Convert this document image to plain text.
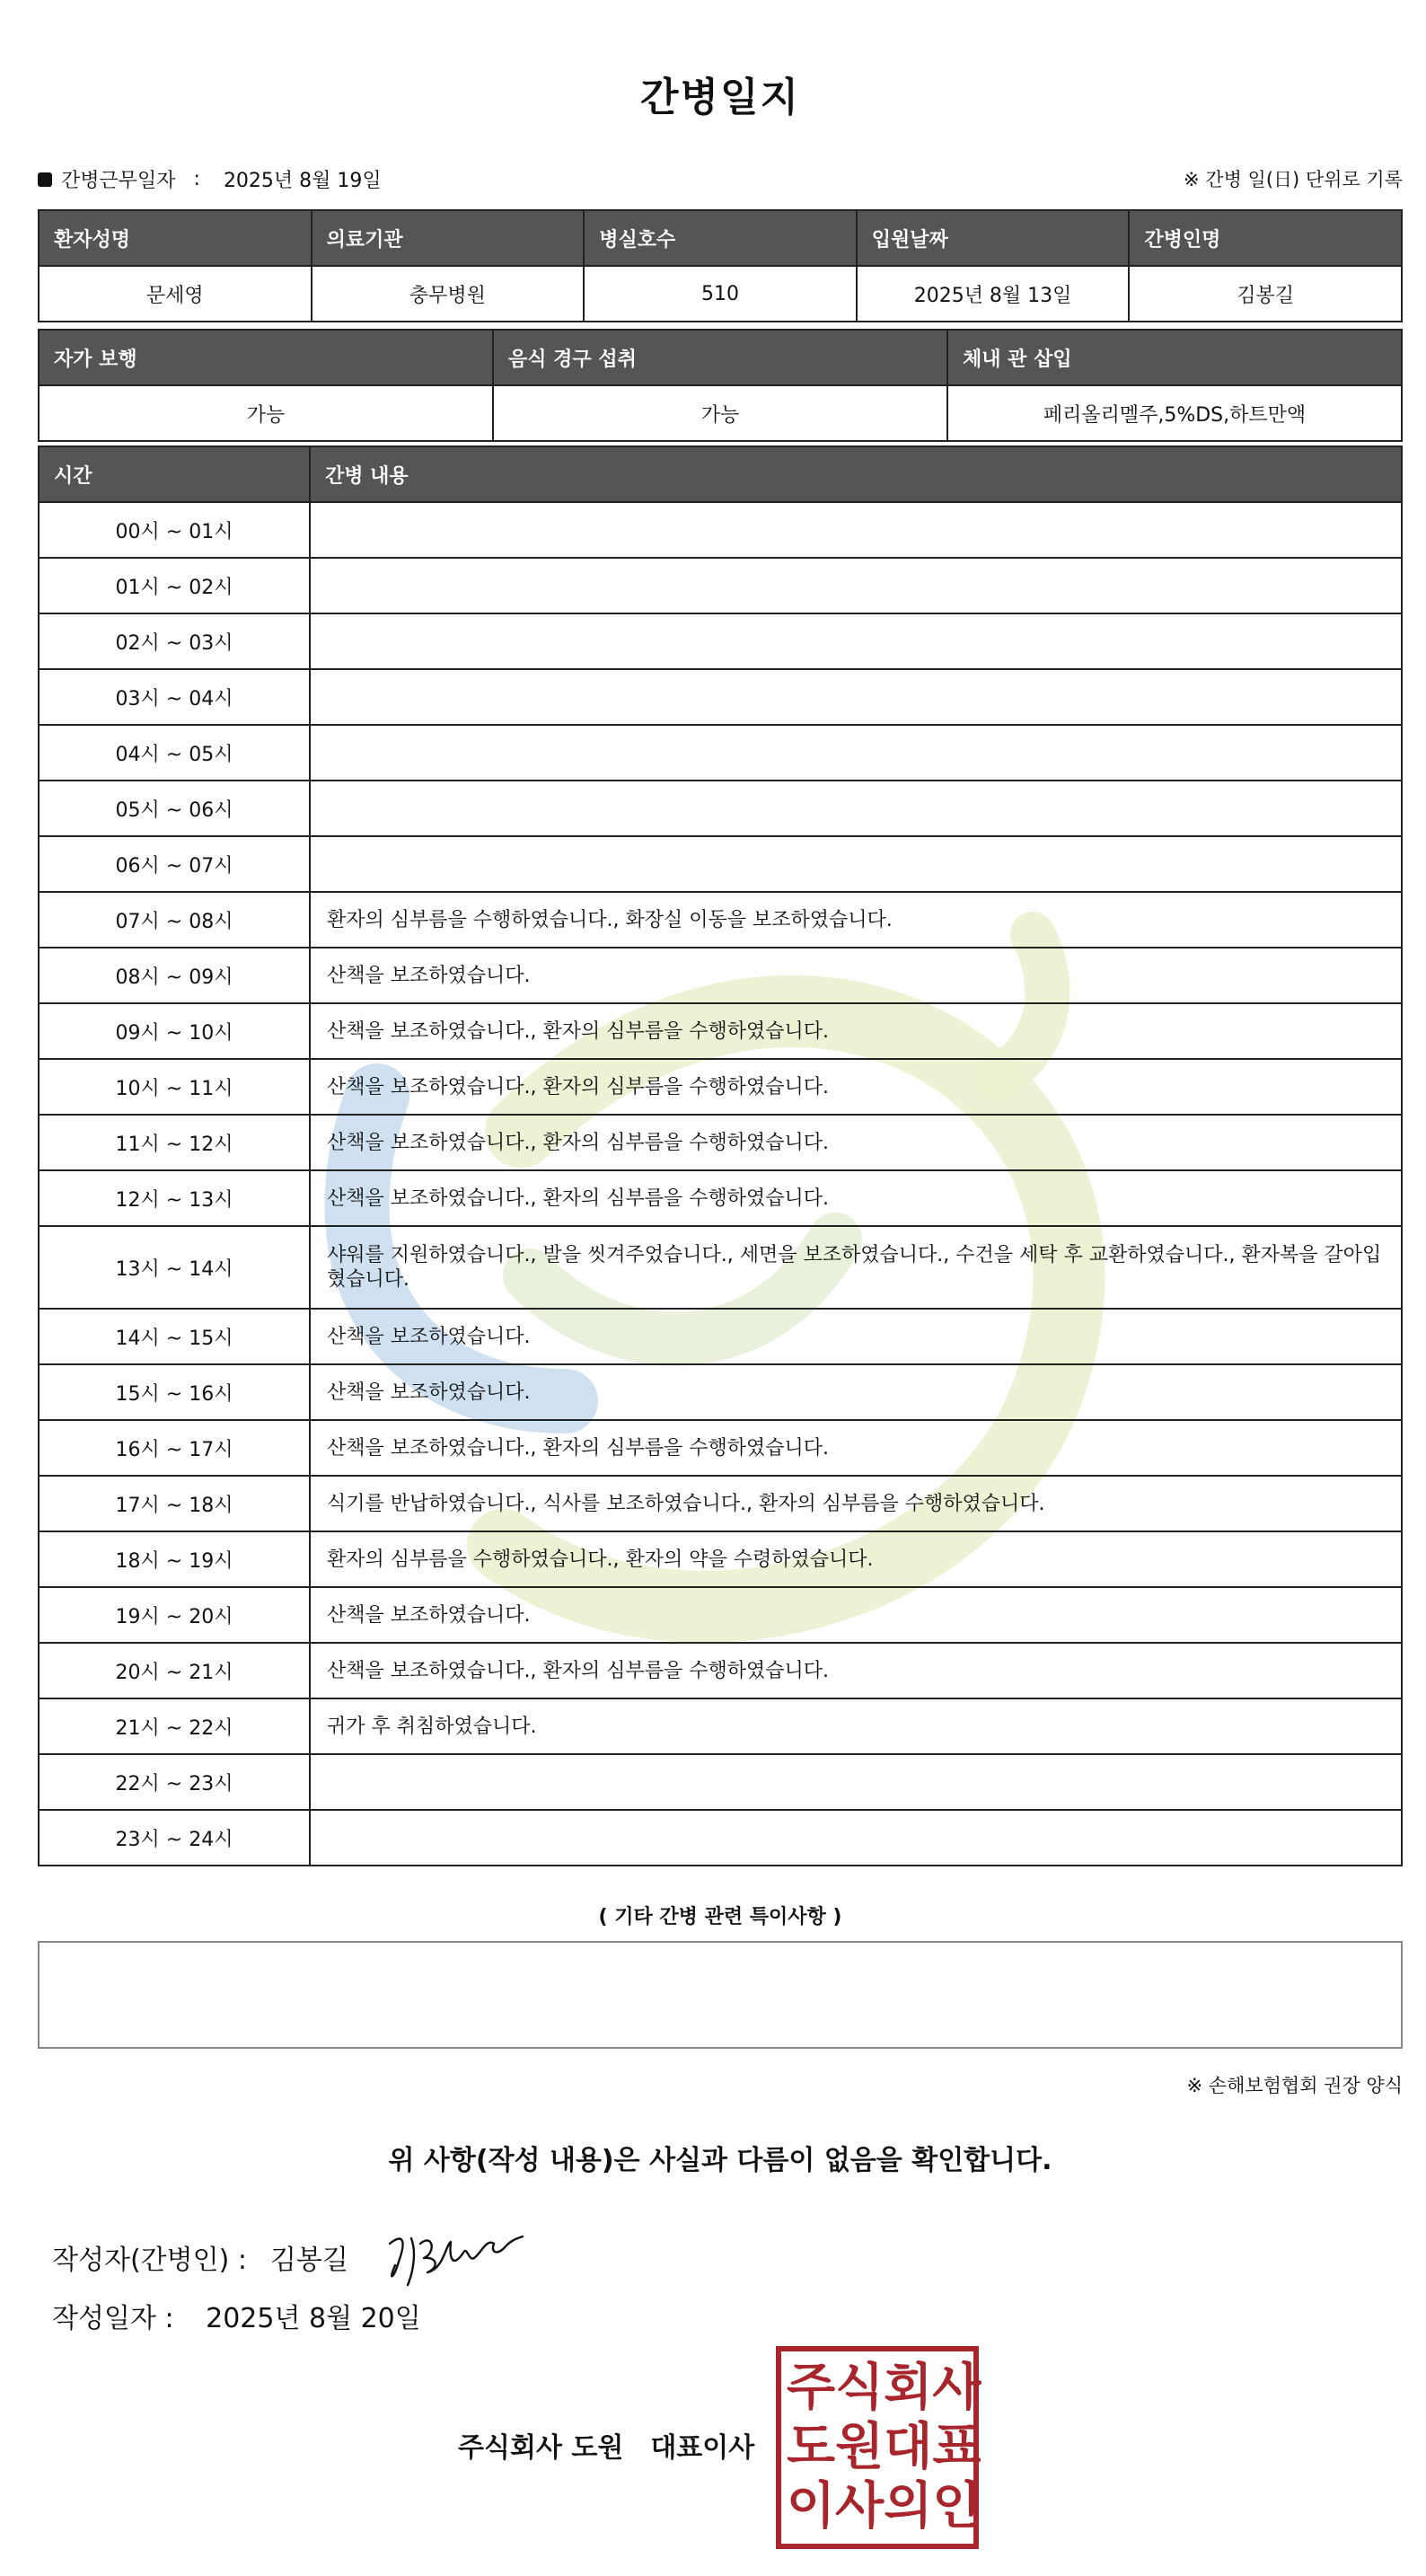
간병일지
간병근무일자 : 2025년 8월 19일	※ 간병 일(日) 단위로 기록
환자성명	의료기관	병실호수	입원날짜	간병인명
문세영	충무병원	510	2025년 8월 13일	김봉길
자가 보행	음식 경구 섭취	체내 관 삽입
가능	가능	페리올리멜주,5%DS,하트만액
시간	간병 내용
00시 ~ 01시	
01시 ~ 02시	
02시 ~ 03시	
03시 ~ 04시	
04시 ~ 05시	
05시 ~ 06시	
06시 ~ 07시	
07시 ~ 08시	환자의 심부름을 수행하였습니다., 화장실 이동을 보조하였습니다.
08시 ~ 09시	산책을 보조하였습니다.
09시 ~ 10시	산책을 보조하였습니다., 환자의 심부름을 수행하였습니다.
10시 ~ 11시	산책을 보조하였습니다., 환자의 심부름을 수행하였습니다.
11시 ~ 12시	산책을 보조하였습니다., 환자의 심부름을 수행하였습니다.
12시 ~ 13시	산책을 보조하였습니다., 환자의 심부름을 수행하였습니다.
13시 ~ 14시	샤워를 지원하였습니다., 발을 씻겨주었습니다., 세면을 보조하였습니다., 수건을 세탁 후 교환하였습니다., 환자복을 갈아입혔습니다.
14시 ~ 15시	산책을 보조하였습니다.
15시 ~ 16시	산책을 보조하였습니다.
16시 ~ 17시	산책을 보조하였습니다., 환자의 심부름을 수행하였습니다.
17시 ~ 18시	식기를 반납하였습니다., 식사를 보조하였습니다., 환자의 심부름을 수행하였습니다.
18시 ~ 19시	환자의 심부름을 수행하였습니다., 환자의 약을 수령하였습니다.
19시 ~ 20시	산책을 보조하였습니다.
20시 ~ 21시	산책을 보조하였습니다., 환자의 심부름을 수행하였습니다.
21시 ~ 22시	귀가 후 취침하였습니다.
22시 ~ 23시	
23시 ~ 24시	
( 기타 간병 관련 특이사항 )
※ 손해보험협회 권장 양식
위 사항(작성 내용)은 사실과 다름이 없음을 확인합니다.
작성자(간병인) : 김봉길
작성일자 : 2025년 8월 20일
주식회사 도원 대표이사
주 식 회 사
도 원 대 표
이 사 의 인
